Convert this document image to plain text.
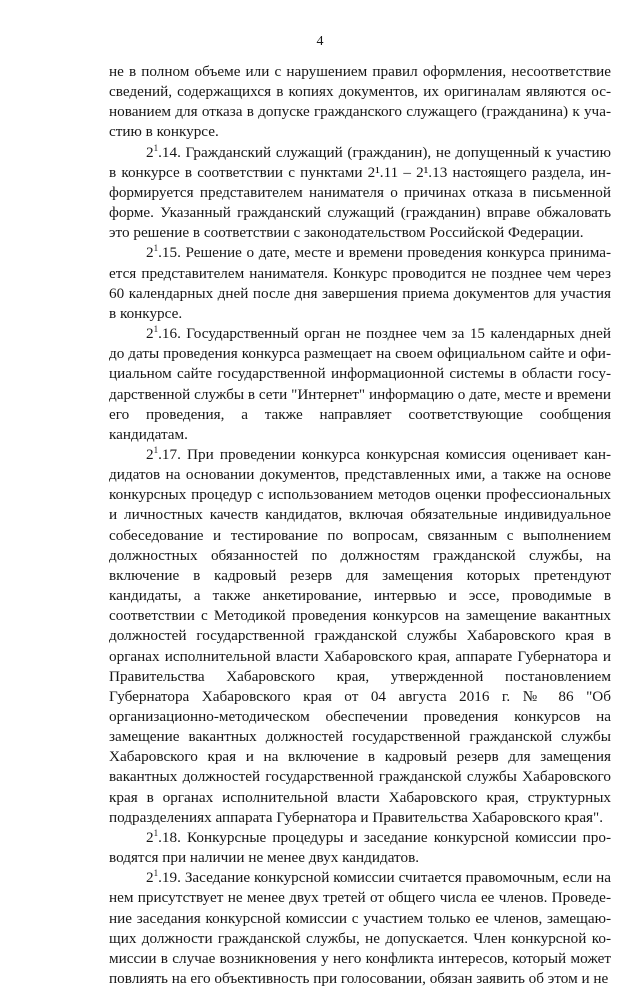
4

не в полном объеме или с нарушением правил оформления, несоответствие сведений, содержащихся в копиях документов, их оригиналам являются основанием для отказа в допуске гражданского служащего (гражданина) к участию в конкурсе.

$2^1.14$. Гражданский служащий (гражданин), не допущенный к участию в конкурсе в соответствии с пунктами 2¹.11 – 2¹.13 настоящего раздела, информируется представителем нанимателя о причинах отказа в письменной форме. Указанный гражданский служащий (гражданин) вправе обжаловать это решение в соответствии с законодательством Российской Федерации.

$2^1.15$. Решение о дате, месте и времени проведения конкурса принимается представителем нанимателя. Конкурс проводится не позднее чем через 60 календарных дней после дня завершения приема документов для участия в конкурсе.

$2^1.16$. Государственный орган не позднее чем за 15 календарных дней до даты проведения конкурса размещает на своем официальном сайте и официальном сайте государственной информационной системы в области государственной службы в сети "Интернет" информацию о дате, месте и времени его проведения, а также направляет соответствующие сообщения кандидатам.

$2^1.17$. При проведении конкурса конкурсная комиссия оценивает кандидатов на основании документов, представленных ими, а также на основе конкурсных процедур с использованием методов оценки профессиональных и личностных качеств кандидатов, включая обязательные индивидуальное собеседование и тестирование по вопросам, связанным с выполнением должностных обязанностей по должностям гражданской службы, на включение в кадровый резерв для замещения которых претендуют кандидаты, а также анкетирование, интервью и эссе, проводимые в соответствии с Методикой проведения конкурсов на замещение вакантных должностей государственной гражданской службы Хабаровского края в органах исполнительной власти Хабаровского края, аппарате Губернатора и Правительства Хабаровского края, утвержденной постановлением Губернатора Хабаровского края от 04 августа 2016 г. № 86 "Об организационно-методическом обеспечении проведения конкурсов на замещение вакантных должностей государственной гражданской службы Хабаровского края и на включение в кадровый резерв для замещения вакантных должностей государственной гражданской службы Хабаровского края в органах исполнительной власти Хабаровского края, структурных подразделениях аппарата Губернатора и Правительства Хабаровского края".

$2^1.18$. Конкурсные процедуры и заседание конкурсной комиссии проводятся при наличии не менее двух кандидатов.

$2^1.19$. Заседание конкурсной комиссии считается правомочным, если на нем присутствует не менее двух третей от общего числа ее членов. Проведение заседания конкурсной комиссии с участием только ее членов, замещающих должности гражданской службы, не допускается. Член конкурсной комиссии в случае возникновения у него конфликта интересов, который может повлиять на его объективность при голосовании, обязан заявить об этом и не
